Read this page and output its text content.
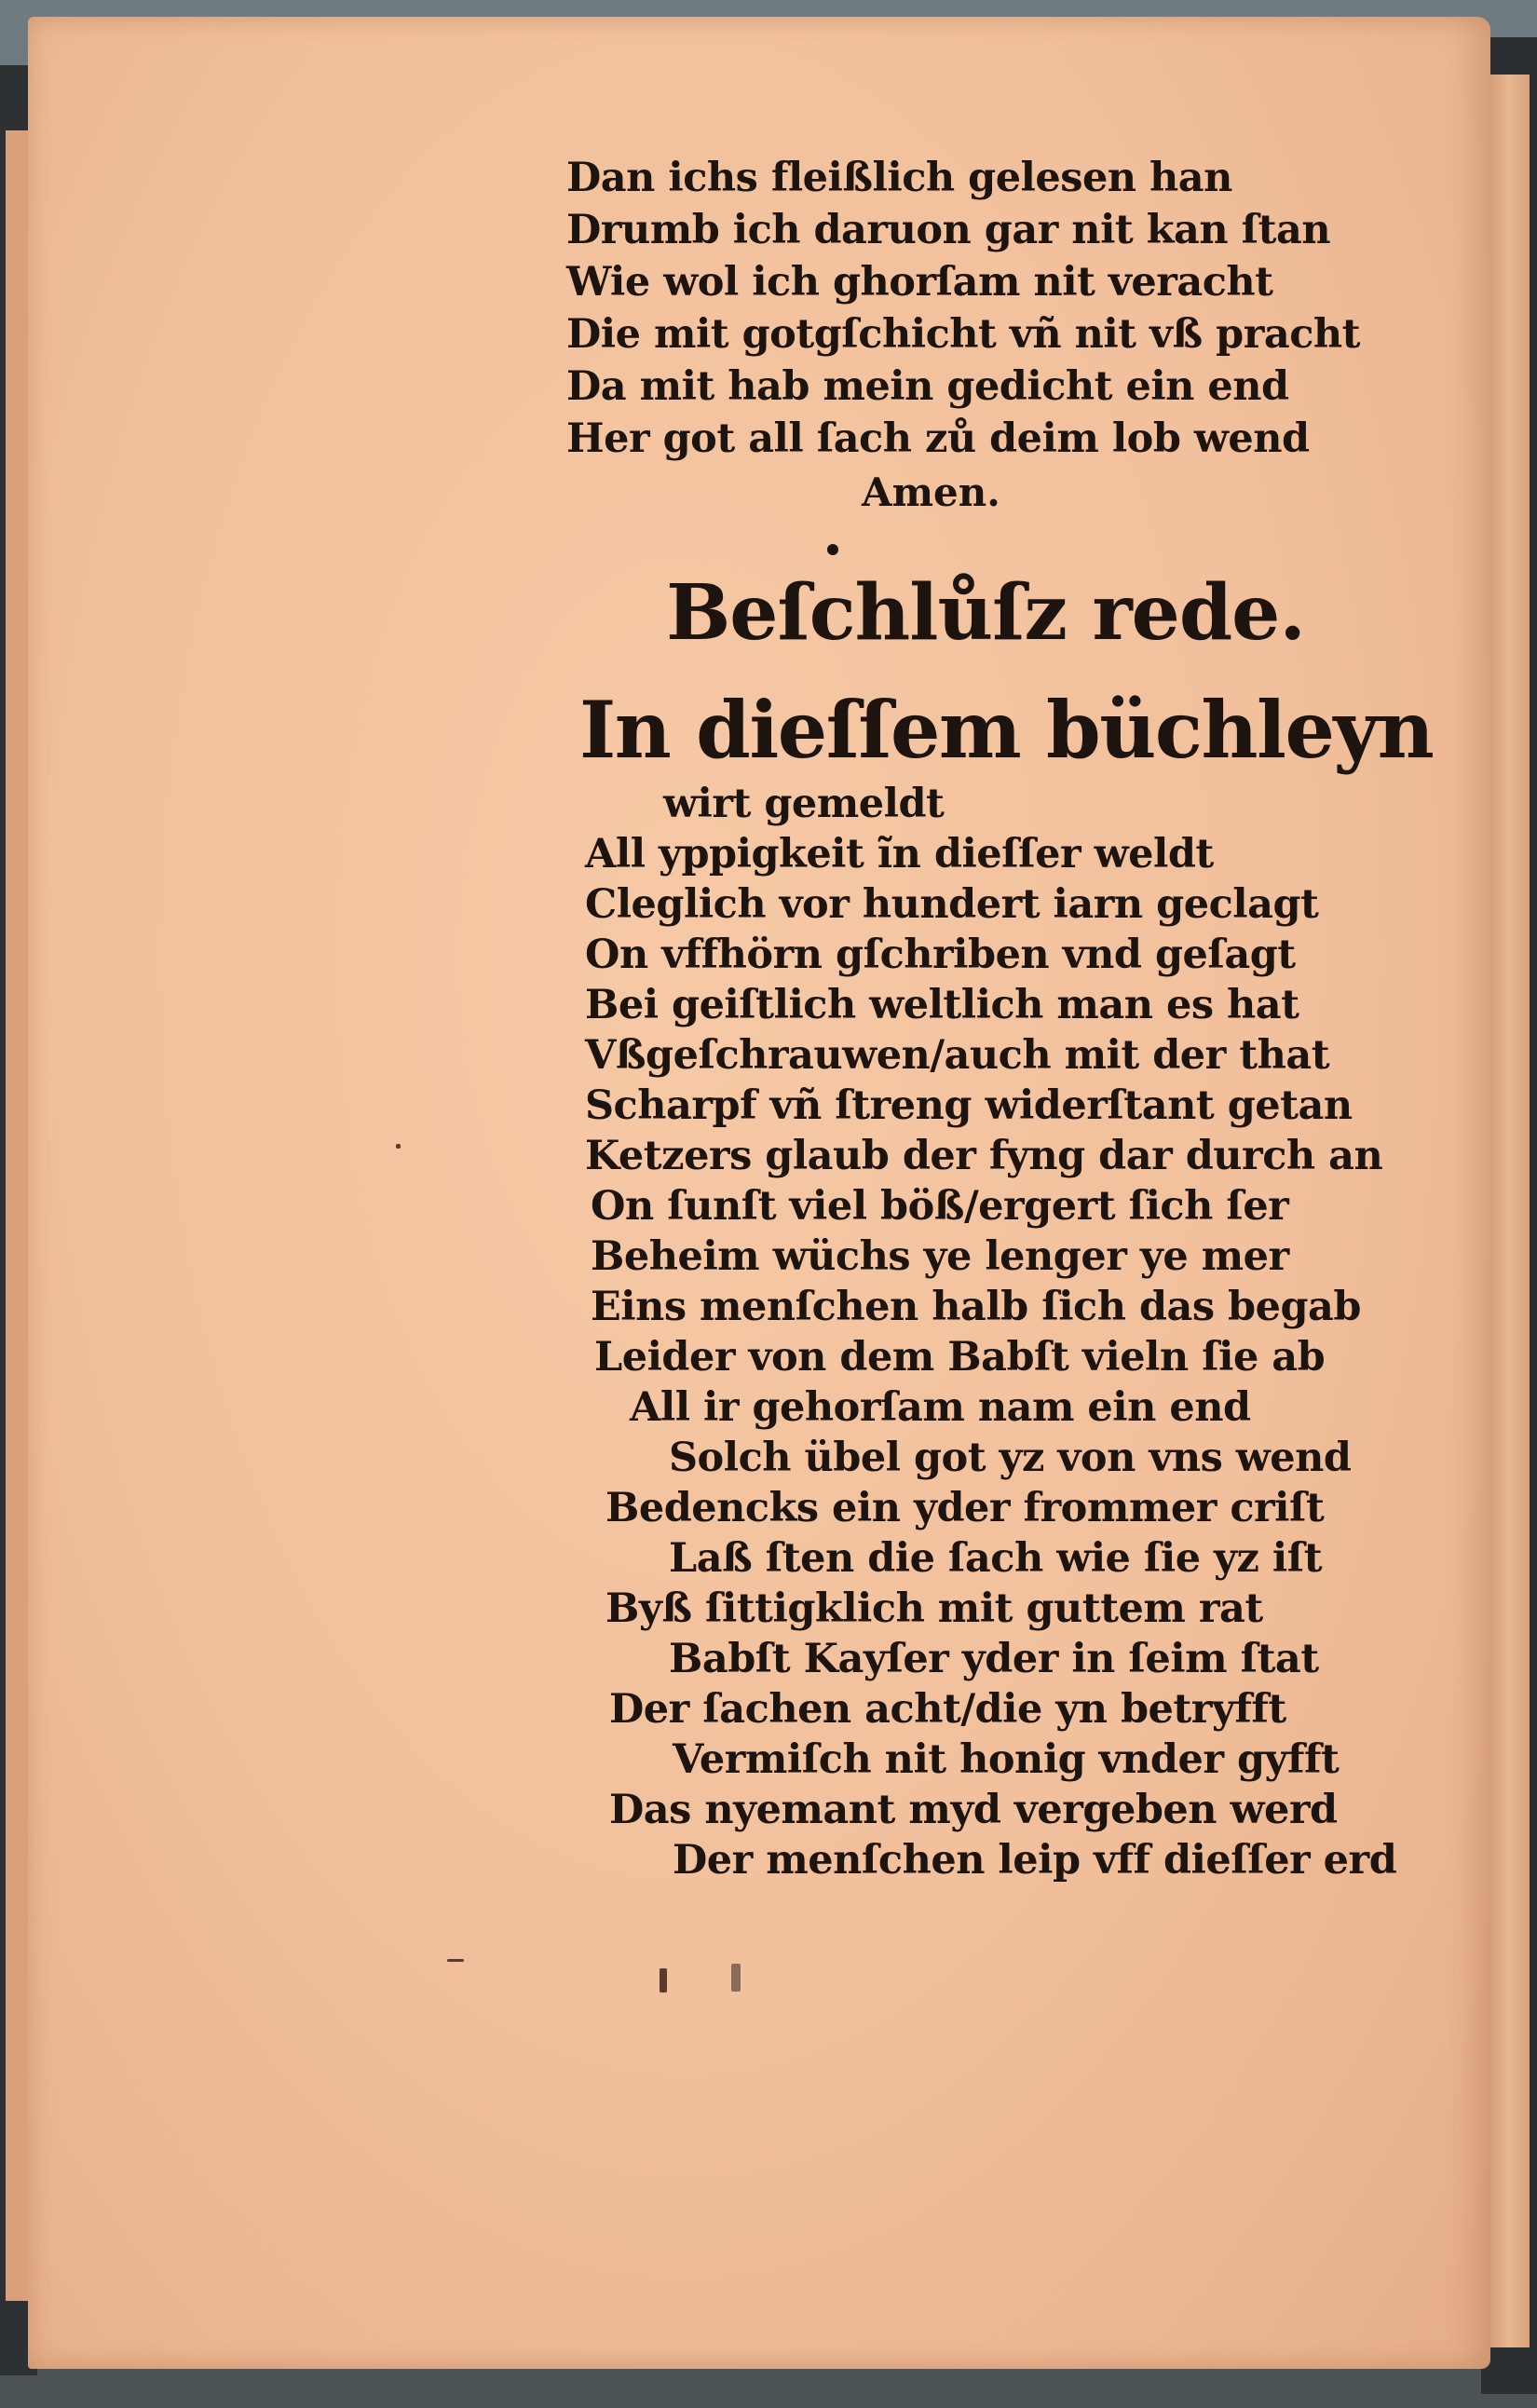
Dan ichs fleißlich gelesen han
Drumb ich daruon gar nit kan ſtan
Wie wol ich ghorſam nit veracht
Die mit gotgſchicht vñ nit vß pracht
Da mit hab mein gedicht ein end
Her got all ſach zů deim lob wend
Amen.
Beſchlůſz rede.
In dieſſem büchleyn
wirt gemeldt
All yppigkeit ĩn dieſſer weldt
Cleglich vor hundert iarn geclagt
On vffhörn gſchriben vnd geſagt
Bei geiſtlich weltlich man es hat
Vßgeſchrauwen/auch mit der that
Scharpf vñ ſtreng widerſtant getan
Ketzers glaub der fyng dar durch an
On ſunſt viel böß/ergert ſich ſer
Beheim wüchs ye lenger ye mer
Eins menſchen halb ſich das begab
Leider von dem Babſt vieln ſie ab
All ir gehorſam nam ein end
Solch übel got yz von vns wend
Bedencks ein yder frommer criſt
Laß ſten die ſach wie ſie yz iſt
Byß ſittigklich mit guttem rat
Babſt Kayſer yder in ſeim ſtat
Der ſachen acht/die yn betryfft
Vermiſch nit honig vnder gyfft
Das nyemant myd vergeben werd
Der menſchen leip vff dieſſer erd
